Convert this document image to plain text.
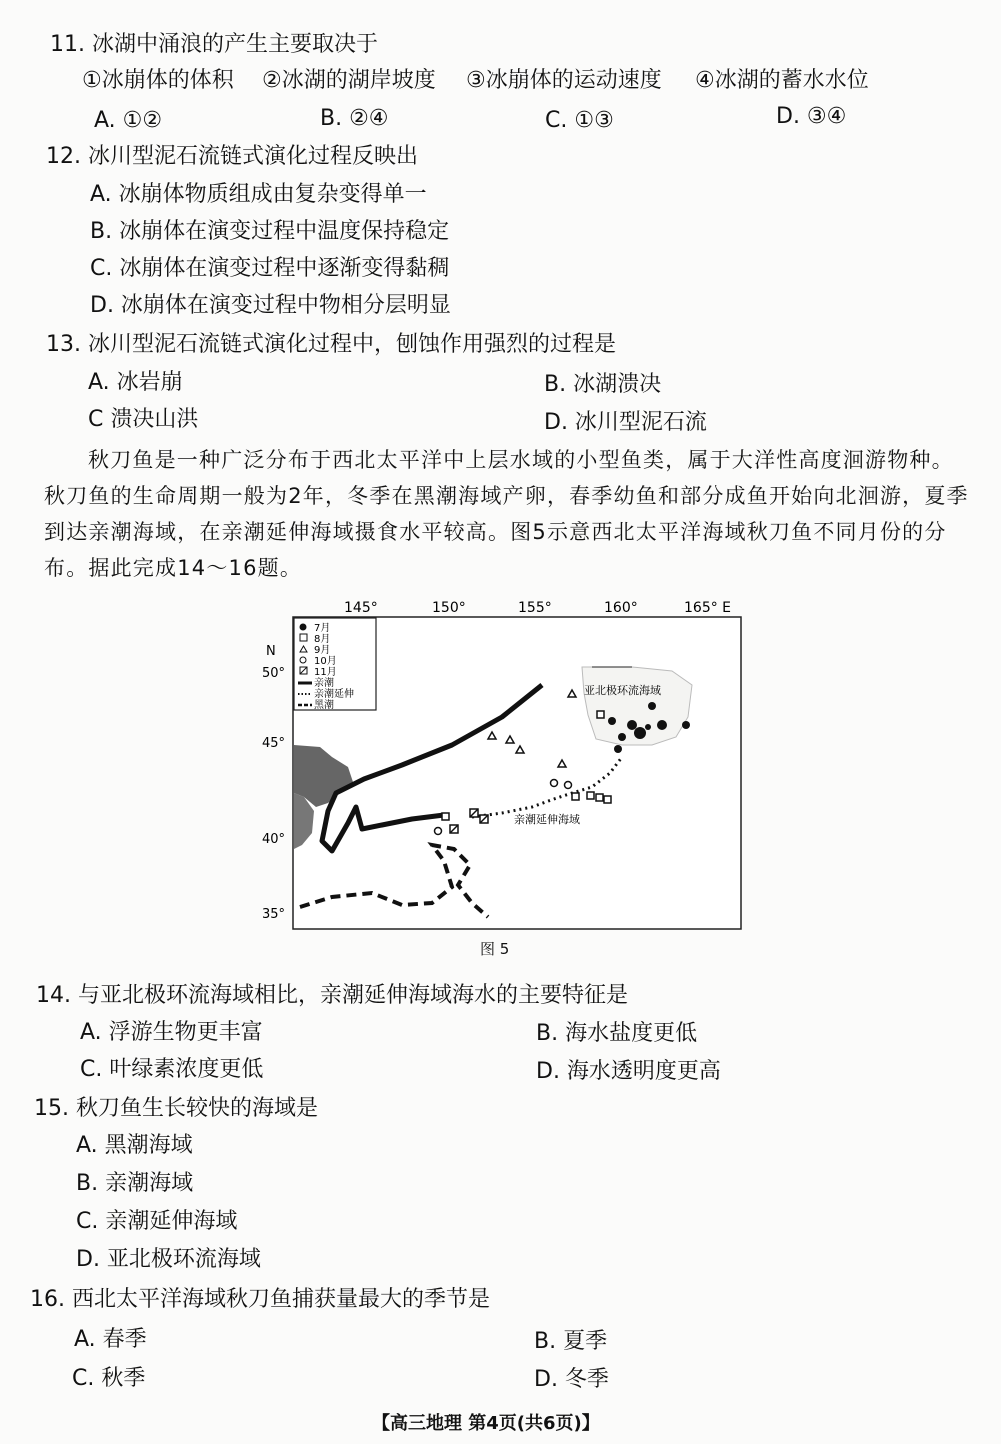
11. 冰湖中涌浪的产生主要取决于
①冰崩体的体积 ②冰湖的湖岸坡度 ③冰崩体的运动速度 ④冰湖的蓄水水位
A. ①②	B. ②④	C. ①③	D. ③④
12. 冰川型泥石流链式演化过程反映出
A. 冰崩体物质组成由复杂变得单一
B. 冰崩体在演变过程中温度保持稳定
C. 冰崩体在演变过程中逐渐变得黏稠
D. 冰崩体在演变过程中物相分层明显
13. 冰川型泥石流链式演化过程中，刨蚀作用强烈的过程是
A. 冰岩崩	B. 冰湖溃决
C 溃决山洪	D. 冰川型泥石流
秋刀鱼是一种广泛分布于西北太平洋中上层水域的小型鱼类，属于大洋性高度洄游物种。
秋刀鱼的生命周期一般为2年，冬季在黑潮海域产卵，春季幼鱼和部分成鱼开始向北洄游，夏季
到达亲潮海域，在亲潮延伸海域摄食水平较高。图5示意西北太平洋海域秋刀鱼不同月份的分
布。据此完成14～16题。
145°	150°	155°	160°	165° E
N
50°
45°
40°
35°
亚北极环流海域
亲潮延伸海域
7月
8月
9月
10月
11月
亲潮
亲潮延伸
黑潮
图 5
14. 与亚北极环流海域相比，亲潮延伸海域海水的主要特征是
A. 浮游生物更丰富	B. 海水盐度更低
C. 叶绿素浓度更低	D. 海水透明度更高
15. 秋刀鱼生长较快的海域是
A. 黑潮海域
B. 亲潮海域
C. 亲潮延伸海域
D. 亚北极环流海域
16. 西北太平洋海域秋刀鱼捕获量最大的季节是
A. 春季	B. 夏季
C. 秋季	D. 冬季
【高三地理 第4页(共6页)】
